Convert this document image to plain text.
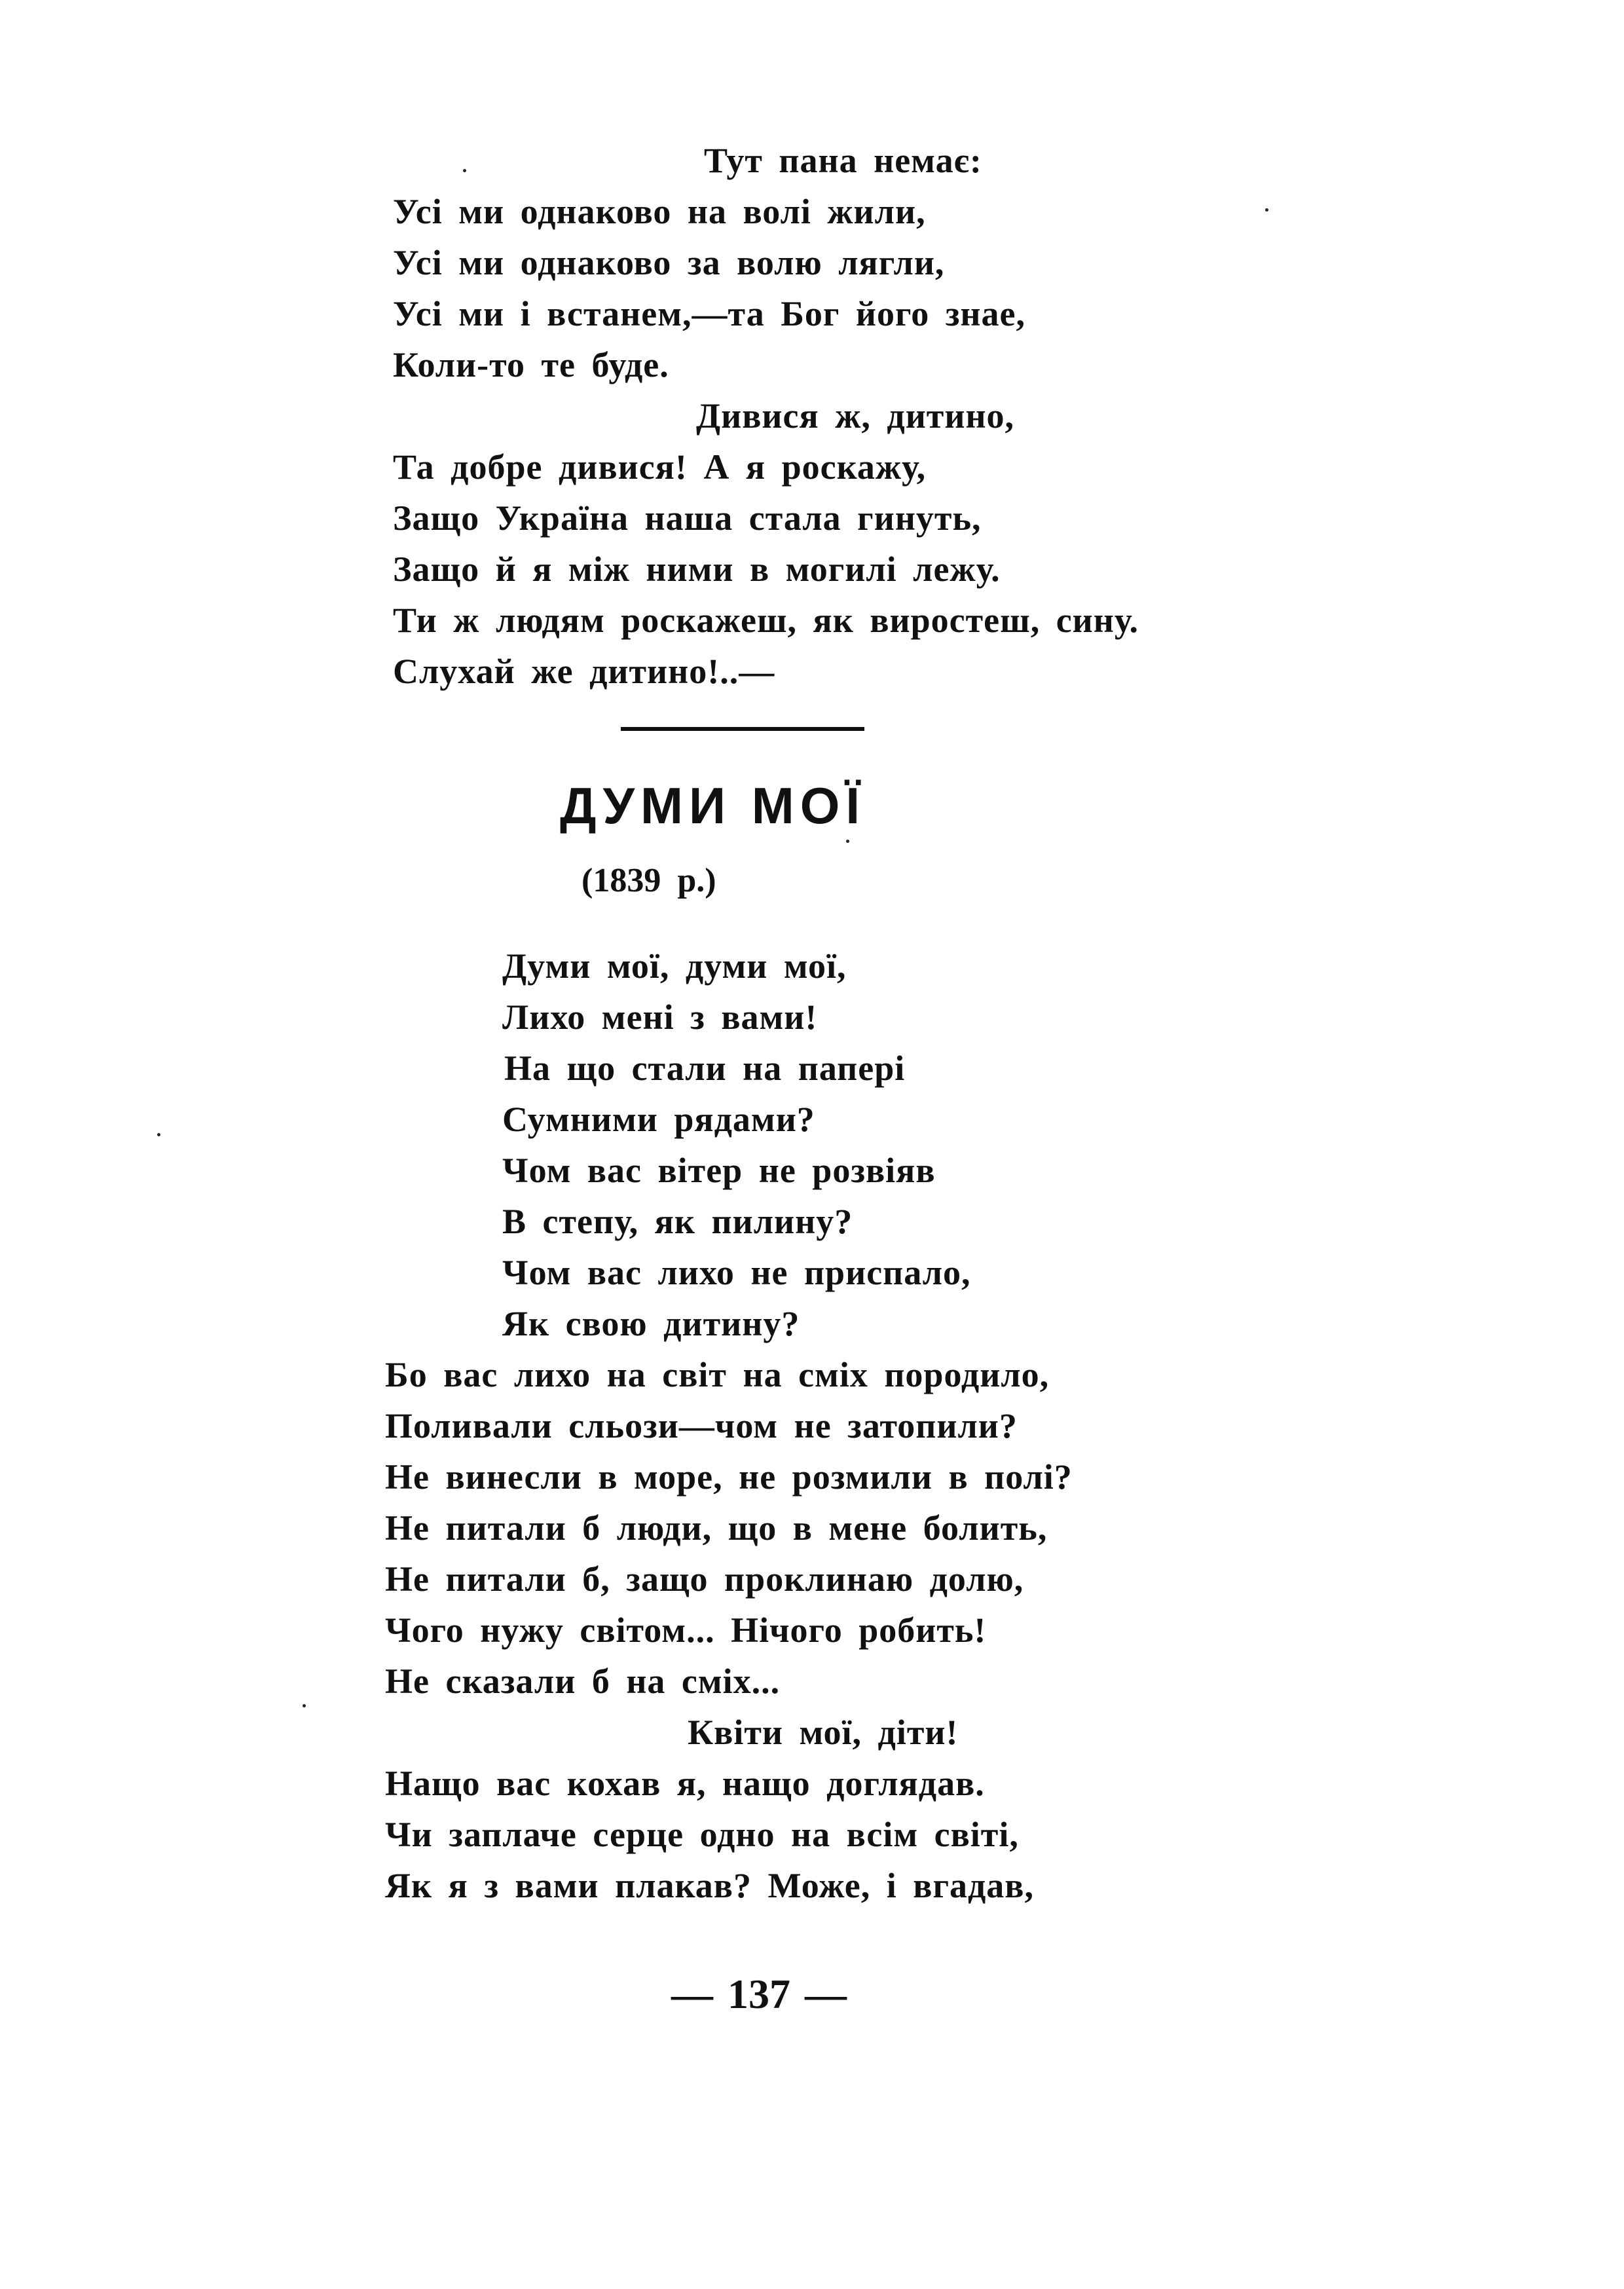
Тут пана немає:
Усі ми однаково на волі жили,
Усі ми однаково за волю лягли,
Усі ми і встанем,—та Бог його знае,
Коли-то те буде.
Дивися ж, дитино,
Та добре дивися! А я роскажу,
Защо Україна наша стала гинуть,
Защо й я між ними в могилі лежу.
Ти ж людям роскажеш, як виростеш, сину.
Слухай же дитино!..—
ДУМИ МОЇ
(1839 р.)
Думи мої, думи мої,
Лихо мені з вами!
На що стали на папері
Сумними рядами?
Чом вас вітер не розвіяв
В степу, як пилину?
Чом вас лихо не приспало,
Як свою дитину?
Бо вас лихо на світ на сміх породило,
Поливали сльози—чом не затопили?
Не винесли в море, не розмили в полі?
Не питали б люди, що в мене болить,
Не питали б, защо проклинаю долю,
Чого нужу світом... Нічого робить!
Не сказали б на сміх...
Квіти мої, діти!
Нащо вас кохав я, нащо доглядав.
Чи заплаче серце одно на всім світі,
Як я з вами плакав? Може, і вгадав,
— 137 —
